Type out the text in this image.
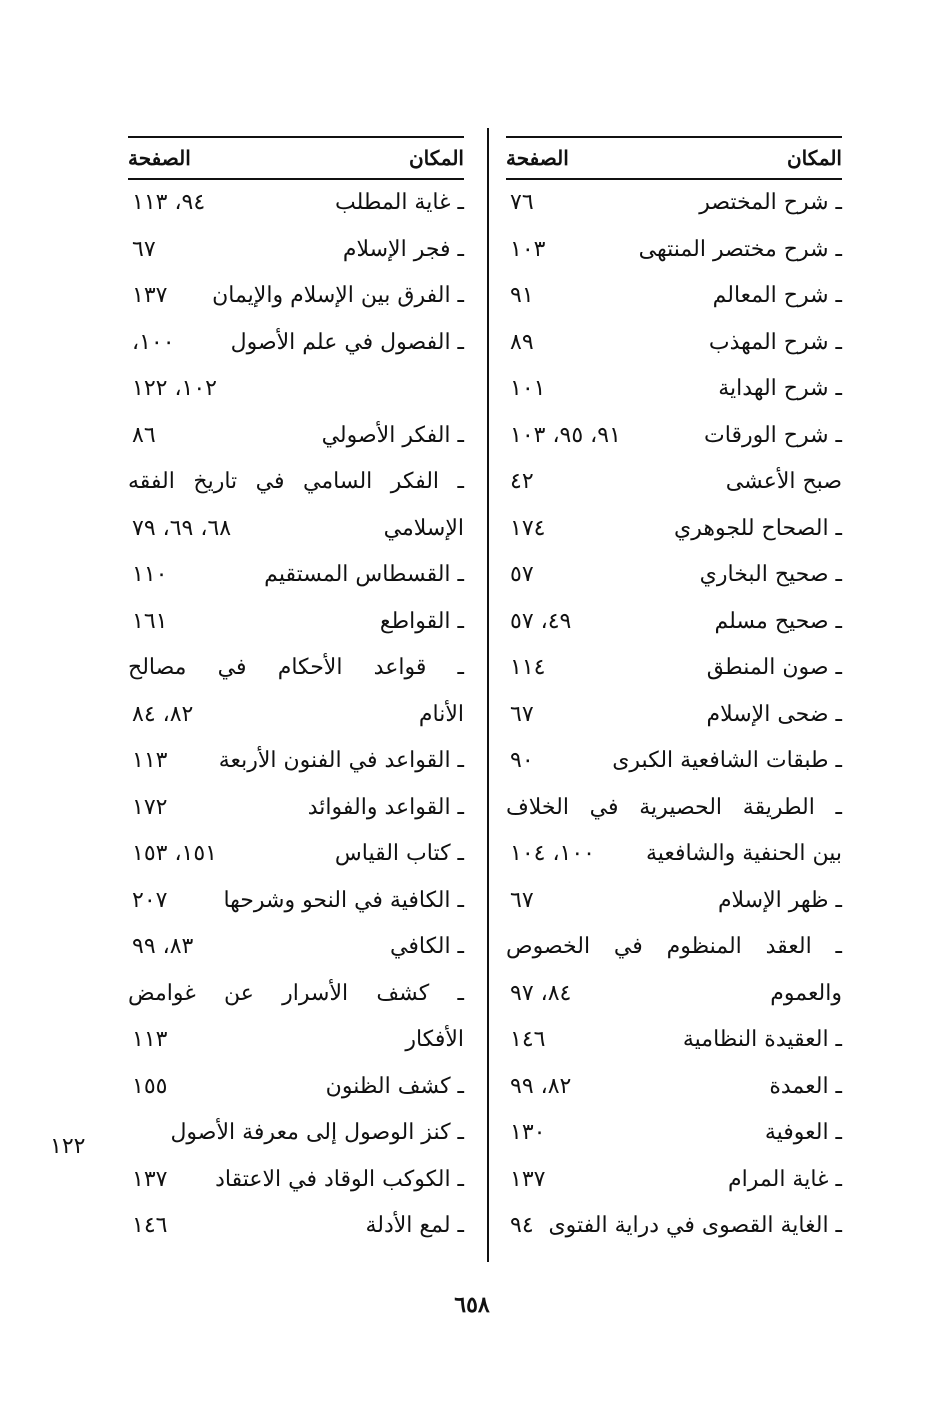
المكان
الصفحة
ـ شرح المختصر
٧٦
ـ شرح مختصر المنتهى
١٠٣
ـ شرح المعالم
٩١
ـ شرح المهذب
٨٩
ـ شرح الهداية
١٠١
ـ شرح الورقات
٩١، ٩٥، ١٠٣
صبح الأعشى
٤٢
ـ الصحاح للجوهري
١٧٤
ـ صحيح البخاري
٥٧
ـ صحيح مسلم
٤٩، ٥٧
ـ صون المنطق
١١٤
ـ ضحى الإسلام
٦٧
ـ طبقات الشافعية الكبرى
٩٠
ـ الطريقة الحصيرية في الخلاف
بين الحنفية والشافعية
١٠٠، ١٠٤
ـ ظهر الإسلام
٦٧
ـ العقد المنظوم في الخصوص
والعموم
٨٤، ٩٧
ـ العقيدة النظامية
١٤٦
ـ العمدة
٨٢، ٩٩
ـ العوفية
١٣٠
ـ غاية المرام
١٣٧
ـ الغاية القصوى في دراية الفتوى
٩٤
المكان
الصفحة
ـ غاية المطلب
٩٤، ١١٣
ـ فجر الإسلام
٦٧
ـ الفرق بين الإسلام والإيمان
١٣٧
ـ الفصول في علم الأصول
١٠٠،
١٠٢، ١٢٢
ـ الفكر الأصولي
٨٦
ـ الفكر السامي في تاريخ الفقه
الإسلامي
٦٨، ٦٩، ٧٩
ـ القسطاس المستقيم
١١٠
ـ القواطع
١٦١
ـ قواعد الأحكام في مصالح
الأنام
٨٢، ٨٤
ـ القواعد في الفنون الأربعة
١١٣
ـ القواعد والفوائد
١٧٢
ـ كتاب القياس
١٥١، ١٥٣
ـ الكافية في النحو وشرحها
٢٠٧
ـ الكافي
٨٣، ٩٩
ـ كشف الأسرار عن غوامض
الأفكار
١١٣
ـ كشف الظنون
١٥٥
ـ كنز الوصول إلى معرفة الأصول
ـ الكوكب الوقاد في الاعتقاد
١٣٧
ـ لمع الأدلة
١٤٦
١٢٢
٦٥٨
